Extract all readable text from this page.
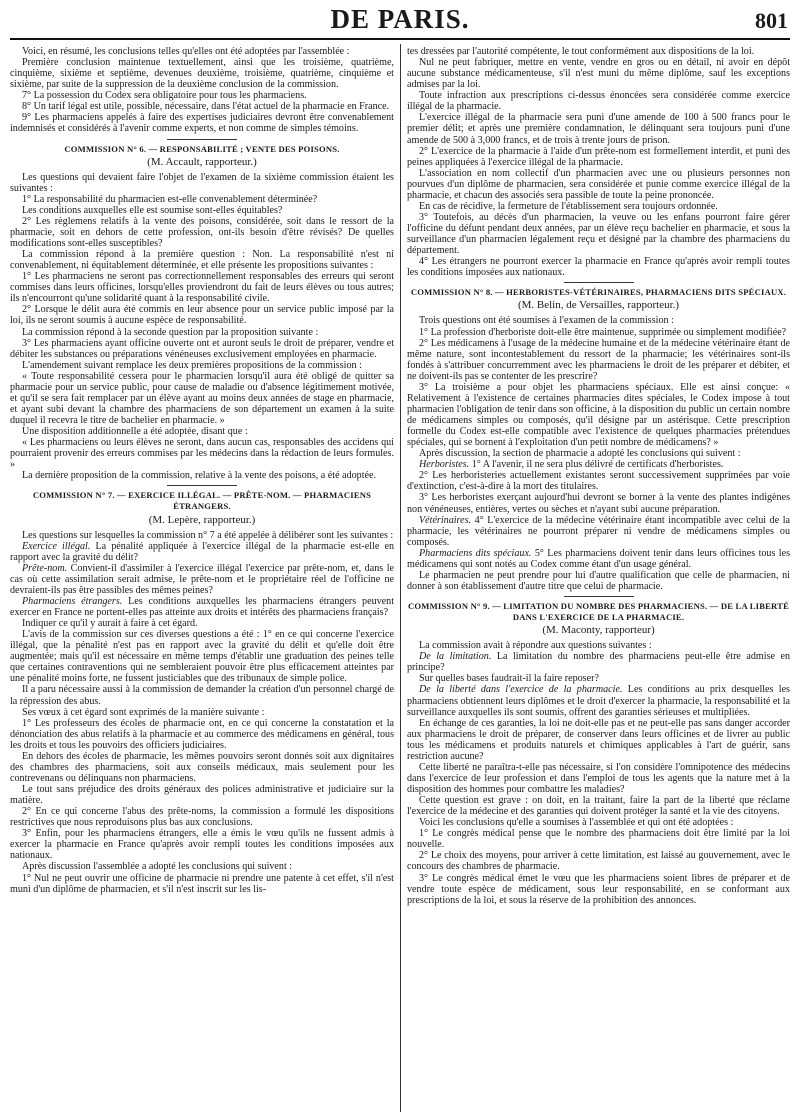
DE PARIS.	801

Voici, en résumé, les conclusions telles qu'elles ont été adoptées par l'assemblée :

Première conclusion maintenue textuellement, ainsi que les troisième, quatrième, cinquième, sixième et septième, devenues deuxième, troisième, quatrième, cinquième et sixième, par suite de la suppression de la deuxième conclusion de la commission.

7° La possession du Codex sera obligatoire pour tous les pharmaciens.

8° Un tarif légal est utile, possible, nécessaire, dans l'état actuel de la pharmacie en France.

9° Les pharmaciens appelés à faire des expertises judiciaires devront être convenablement indemnisés et considérés à l'avenir comme experts, et non comme de simples témoins.

COMMISSION N° 6. — RESPONSABILITÉ ; VENTE DES POISONS.

(M. Accault, rapporteur.)

Les questions qui devaient faire l'objet de l'examen de la sixième commission étaient les suivantes :

1° La responsabilité du pharmacien est-elle convenablement déterminée?

Les conditions auxquelles elle est soumise sont-elles équitables?

2° Les règlemens relatifs à la vente des poisons, considérée, soit dans le ressort de la pharmacie, soit en dehors de cette profession, ont-ils besoin d'être révisés? De quelles modifications sont-elles susceptibles?

La commission répond à la première question : Non. La responsabilité n'est ni convenablement, ni équitablement déterminée, et elle présente les propositions suivantes :

1° Les pharmaciens ne seront pas correctionnellement responsables des erreurs qui seront commises dans leurs officines, lorsqu'elles proviendront du fait de leurs élèves ou tous autres; ils n'encourront qu'une solidarité quant à la responsabilité civile.

2° Lorsque le délit aura été commis en leur absence pour un service public imposé par la loi, ils ne seront soumis à aucune espèce de responsabilité.

La commission répond à la seconde question par la proposition suivante :

3° Les pharmaciens ayant officine ouverte ont et auront seuls le droit de préparer, vendre et débiter les substances ou préparations vénéneuses exclusivement employées en pharmacie.

L'amendement suivant remplace les deux premières propositions de la commission :

« Toute responsabilité cessera pour le pharmacien lorsqu'il aura été obligé de quitter sa pharmacie pour un service public, pour cause de maladie ou d'absence légitimement motivée, et qu'il se sera fait remplacer par un élève ayant au moins deux années de stage en pharmacie, et ayant subi devant la chambre des pharmaciens de son département un examen à la suite duquel il recevra le titre de bachelier en pharmacie. »

Une disposition additionnelle a été adoptée, disant que :

« Les pharmaciens ou leurs élèves ne seront, dans aucun cas, responsables des accidens qui pourraient provenir des erreurs commises par les médecins dans la rédaction de leurs formules. »

La dernière proposition de la commission, relative à la vente des poisons, a été adoptée.

COMMISSION N° 7. — EXERCICE ILLÉGAL. — PRÊTE-NOM. — PHARMACIENS ÉTRANGERS.

(M. Lepère, rapporteur.)

Les questions sur lesquelles la commission n° 7 a été appelée à délibérer sont les suivantes :

Exercice illégal. La pénalité appliquée à l'exercice illégal de la pharmacie est-elle en rapport avec la gravité du délit?

Prête-nom. Convient-il d'assimiler à l'exercice illégal l'exercice par prête-nom, et, dans le cas où cette assimilation serait admise, le prête-nom et le propriétaire réel de l'officine ne devraient-ils pas être passibles des mêmes peines?

Pharmaciens étrangers. Les conditions auxquelles les pharmaciens étrangers peuvent exercer en France ne portent-elles pas atteinte aux droits et intérêts des pharmaciens français?

Indiquer ce qu'il y aurait à faire à cet égard.

L'avis de la commission sur ces diverses questions a été : 1° en ce qui concerne l'exercice illégal, que la pénalité n'est pas en rapport avec la gravité du délit et qu'elle doit être augmentée; mais qu'il est nécessaire en même temps d'établir une graduation des peines telle que certaines contraventions qui ne sembleraient pouvoir être plus efficacement atteintes par une pénalité moins forte, ne fussent justiciables que des tribunaux de simple police.

Il a paru nécessaire aussi à la commission de demander la création d'un personnel chargé de la répression des abus.

Ses vœux à cet égard sont exprimés de la manière suivante :

1° Les professeurs des écoles de pharmacie ont, en ce qui concerne la constatation et la dénonciation des abus relatifs à la pharmacie et au commerce des médicamens en général, tous les droits et tous les pouvoirs des officiers judiciaires.

En dehors des écoles de pharmacie, les mêmes pouvoirs seront donnés soit aux dignitaires des chambres des pharmaciens, soit aux conseils médicaux, mais seulement pour les contrevenans ou délinquans non pharmaciens.

Le tout sans préjudice des droits généraux des polices administrative et judiciaire sur la matière.

2° En ce qui concerne l'abus des prête-noms, la commission a formulé les dispositions restrictives que nous reproduisons plus bas aux conclusions.

3° Enfin, pour les pharmaciens étrangers, elle a émis le vœu qu'ils ne fussent admis à exercer la pharmacie en France qu'après avoir rempli toutes les conditions imposées aux nationaux.

Après discussion l'assemblée a adopté les conclusions qui suivent :

1° Nul ne peut ouvrir une officine de pharmacie ni prendre une patente à cet effet, s'il n'est muni d'un diplôme de pharmacien, et s'il n'est inscrit sur les lis-

tes dressées par l'autorité compétente, le tout conformément aux dispositions de la loi.

Nul ne peut fabriquer, mettre en vente, vendre en gros ou en détail, ni avoir en dépôt aucune substance médicamenteuse, s'il n'est muni du même diplôme, sauf les exceptions admises par la loi.

Toute infraction aux prescriptions ci-dessus énoncées sera considérée comme exercice illégal de la pharmacie.

L'exercice illégal de la pharmacie sera puni d'une amende de 100 à 500 francs pour le premier délit; et après une première condamnation, le délinquant sera toujours puni d'une amende de 500 à 3,000 francs, et de trois à trente jours de prison.

2° L'exercice de la pharmacie à l'aide d'un prête-nom est formellement interdit, et puni des peines appliquées à l'exercice illégal de la pharmacie.

L'association en nom collectif d'un pharmacien avec une ou plusieurs personnes non pourvues d'un diplôme de pharmacien, sera considérée et punie comme exercice illégal de la pharmacie, et chacun des associés sera passible de toute la peine prononcée.

En cas de récidive, la fermeture de l'établissement sera toujours ordonnée.

3° Toutefois, au décès d'un pharmacien, la veuve ou les enfans pourront faire gérer l'officine du défunt pendant deux années, par un élève reçu bachelier en pharmacie, et sous la surveillance d'un pharmacien légalement reçu et désigné par la chambre des pharmaciens du département.

4° Les étrangers ne pourront exercer la pharmacie en France qu'après avoir rempli toutes les conditions imposées aux nationaux.

COMMISSION N° 8. — HERBORISTES-VÉTÉRINAIRES, PHARMACIENS DITS SPÉCIAUX.

(M. Belin, de Versailles, rapporteur.)

Trois questions ont été soumises à l'examen de la commission :

1° La profession d'herboriste doit-elle être maintenue, supprimée ou simplement modifiée?

2° Les médicamens à l'usage de la médecine humaine et de la médecine vétérinaire étant de même nature, sont incontestablement du ressort de la pharmacie; les vétérinaires sont-ils fondés à s'attribuer concurremment avec les pharmaciens le droit de les préparer et débiter, et ne doivent-ils pas se contenter de les prescrire?

3° La troisième a pour objet les pharmaciens spéciaux. Elle est ainsi conçue: « Relativement à l'existence de certaines pharmacies dites spéciales, le Codex impose à tout pharmacien l'obligation de tenir dans son officine, à la disposition du public un certain nombre de médicamens simples ou composés, qu'il désigne par un astérisque. Cette prescription formelle du Codex est-elle compatible avec l'existence de quelques pharmacies prétendues spéciales, qui se bornent à l'exploitation d'un petit nombre de médicamens? »

Après discussion, la section de pharmacie a adopté les conclusions qui suivent :

Herboristes. 1° A l'avenir, il ne sera plus délivré de certificats d'herboristes.

2° Les herboristeries actuellement existantes seront successivement supprimées par voie d'extinction, c'est-à-dire à la mort des titulaires.

3° Les herboristes exerçant aujourd'hui devront se borner à la vente des plantes indigènes non vénéneuses, entières, vertes ou sèches et n'ayant subi aucune préparation.

Vétérinaires. 4° L'exercice de la médecine vétérinaire étant incompatible avec celui de la pharmacie, les vétérinaires ne pourront préparer ni vendre de médicamens simples ou composés.

Pharmaciens dits spéciaux. 5° Les pharmaciens doivent tenir dans leurs officines tous les médicamens qui sont notés au Codex comme étant d'un usage général.

Le pharmacien ne peut prendre pour lui d'autre qualification que celle de pharmacien, ni donner à son établissement d'autre titre que celui de pharmacie.

COMMISSION N° 9. — LIMITATION DU NOMBRE DES PHARMACIENS. — DE LA LIBERTÉ DANS L'EXERCICE DE LA PHARMACIE.

(M. Maconty, rapporteur)

La commission avait à répondre aux questions suivantes :

De la limitation. La limitation du nombre des pharmaciens peut-elle être admise en principe?

Sur quelles bases faudrait-il la faire reposer?

De la liberté dans l'exercice de la pharmacie. Les conditions au prix desquelles les pharmaciens obtiennent leurs diplômes et le droit d'exercer la pharmacie, la responsabilité et la surveillance auxquelles ils sont soumis, offrent des garanties sérieuses et multipliées.

En échange de ces garanties, la loi ne doit-elle pas et ne peut-elle pas sans danger accorder aux pharmaciens le droit de préparer, de conserver dans leurs officines et de livrer au public tous les médicamens et produits naturels et chimiques applicables à l'art de guérir, sans restriction aucune?

Cette liberté ne paraîtra-t-elle pas nécessaire, si l'on considère l'omnipotence des médecins dans l'exercice de leur profession et dans l'emploi de tous les agents que la nature met à la disposition des hommes pour combattre les maladies?

Cette question est grave : on doit, en la traitant, faire la part de la liberté que réclame l'exercice de la médecine et des garanties qui doivent protéger la santé et la vie des citoyens.

Voici les conclusions qu'elle a soumises à l'assemblée et qui ont été adoptées :

1° Le congrès médical pense que le nombre des pharmaciens doit être limité par la loi nouvelle.

2° Le choix des moyens, pour arriver à cette limitation, est laissé au gouvernement, avec le concours des chambres de pharmacie.

3° Le congrès médical émet le vœu que les pharmaciens soient libres de préparer et de vendre toute espèce de médicament, sous leur responsabilité, en se conformant aux prescriptions de la loi, et sous la réserve de la prohibition des annonces.
